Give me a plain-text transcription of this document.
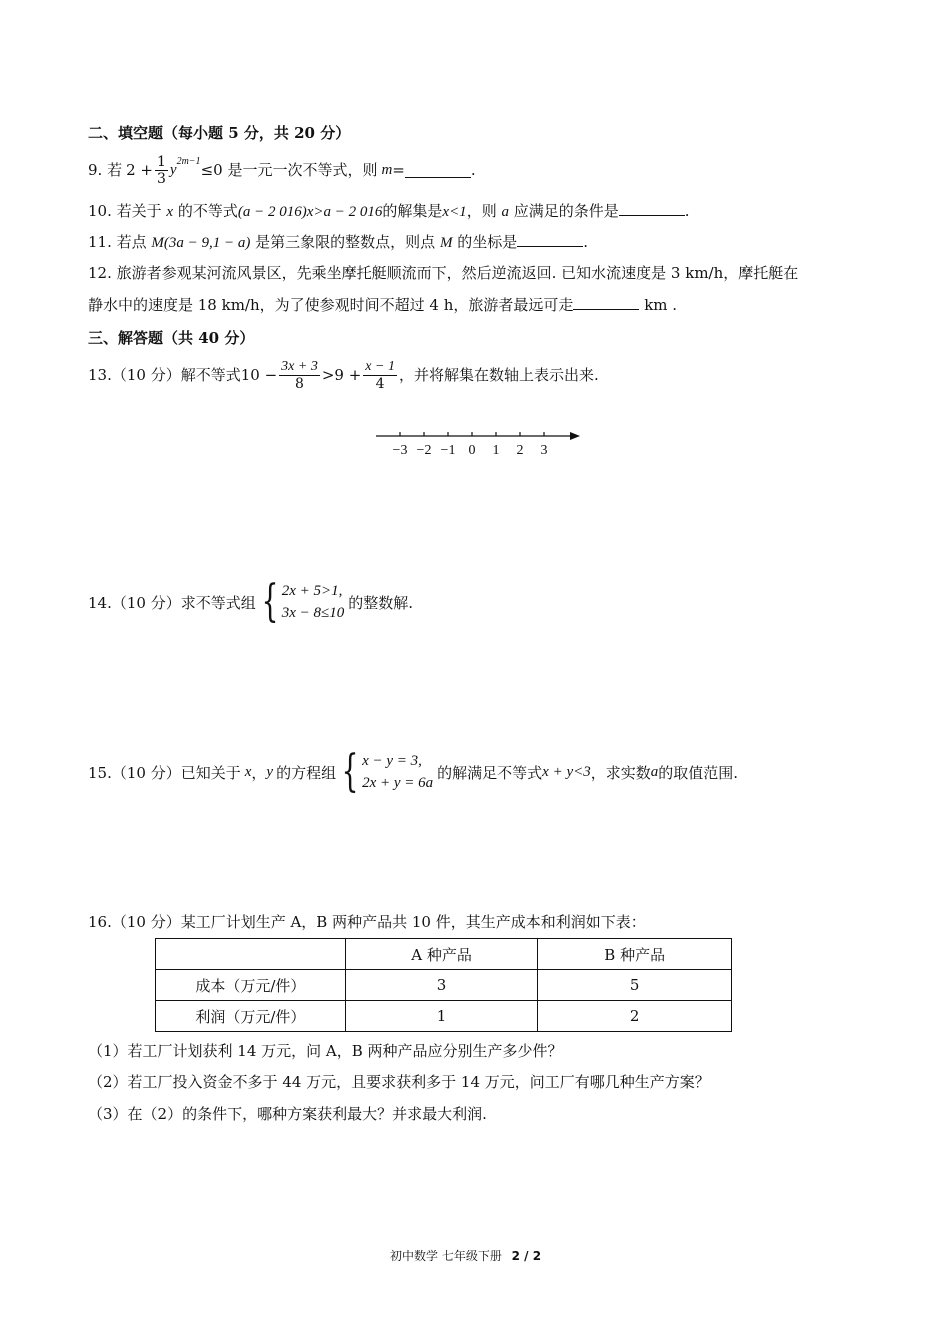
二、填空题（每小题 5 分，共 20 分）
9. 若 $2 + \frac{1}{3}$ y
$^{2m-1}$ ≤0 是一元一次不等式，则 m =	.
10. 若关于 x 的不等式(a − 2 016)x>a − 2 016的解集是x<1，则 a 应满足的条件是	.
11. 若点 M(3a − 9,1 − a) 是第三象限的整数点，则点 M 的坐标是	.
12. 旅游者参观某河流风景区，先乘坐摩托艇顺流而下，然后逆流返回. 已知水流速度是 3 km/h，摩托艇在
静水中的速度是 18 km/h，为了使参观时间不超过 4 h，旅游者最远可走	km .
三、解答题（共 40 分）
13.（10 分）解不等式 $10 - \frac{3x + 3}{8} >9 + \frac{x - 1}{4}$ ，并将解集在数轴上表示出来.
−3 −2 −1 0 1 2 3
14.（10 分）求不等式组 { 2x + 5>1,
3x − 8≤10
的整数解.
15.（10 分）已知关于 x ， y 的方程组 { x − y = 3,
2x + y = 6a
的解满足不等式 x + y<3 ，求实数 a 的取值范围.
16.（10 分）某工厂计划生产 A，B 两种产品共 10 件，其生产成本和利润如下表：
	A 种产品	B 种产品
成本（万元/件）	3	5
利润（万元/件）	1	2
（1）若工厂计划获利 14 万元，问 A，B 两种产品应分别生产多少件？
（2）若工厂投入资金不多于 44 万元，且要求获利多于 14 万元，问工厂有哪几种生产方案？
（3）在（2）的条件下，哪种方案获利最大？并求最大利润.
初中数学 七年级下册 2 / 2
